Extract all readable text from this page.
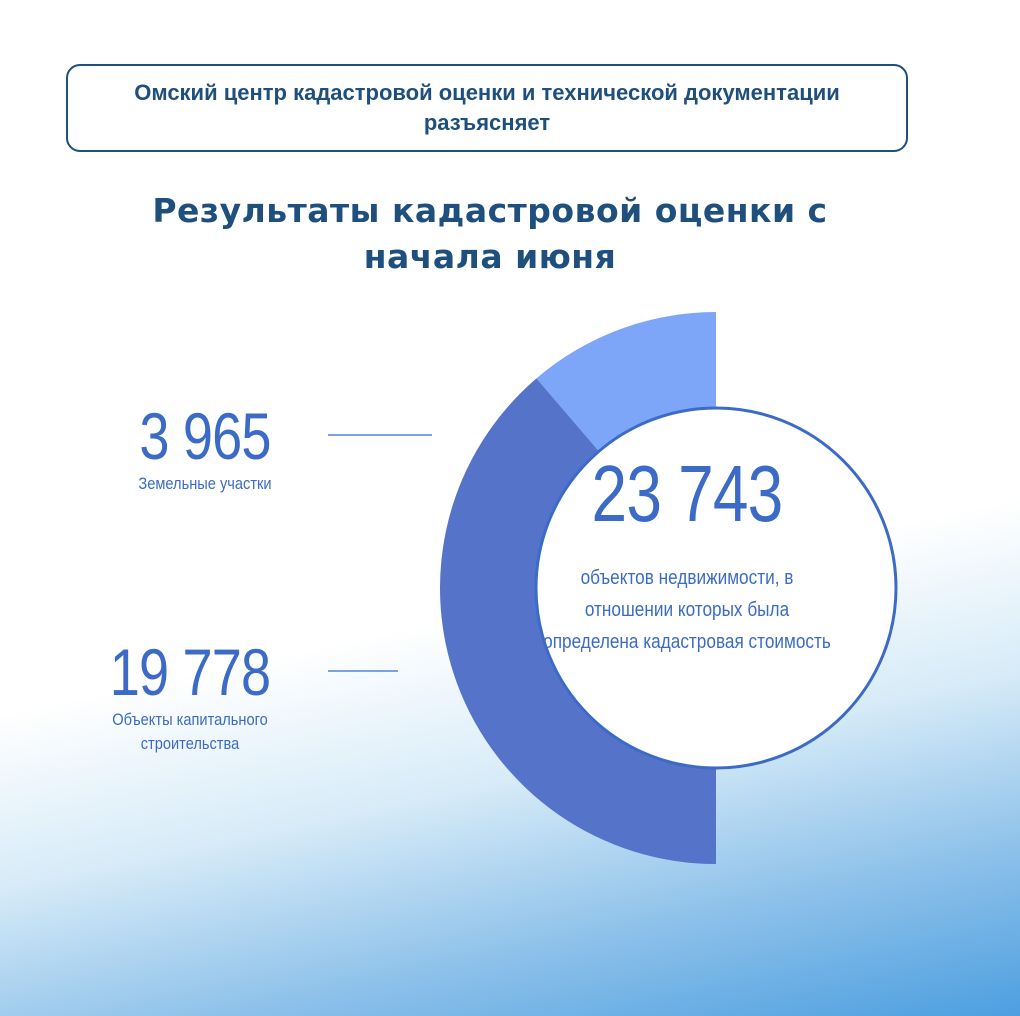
Омский центр кадастровой оценки и технической документации разъясняет
Результаты кадастровой оценки с начала июня
3 965
Земельные участки
19 778
Объекты капитального строительства
23 743
объектов недвижимости, в отношении которых была определена кадастровая стоимость
